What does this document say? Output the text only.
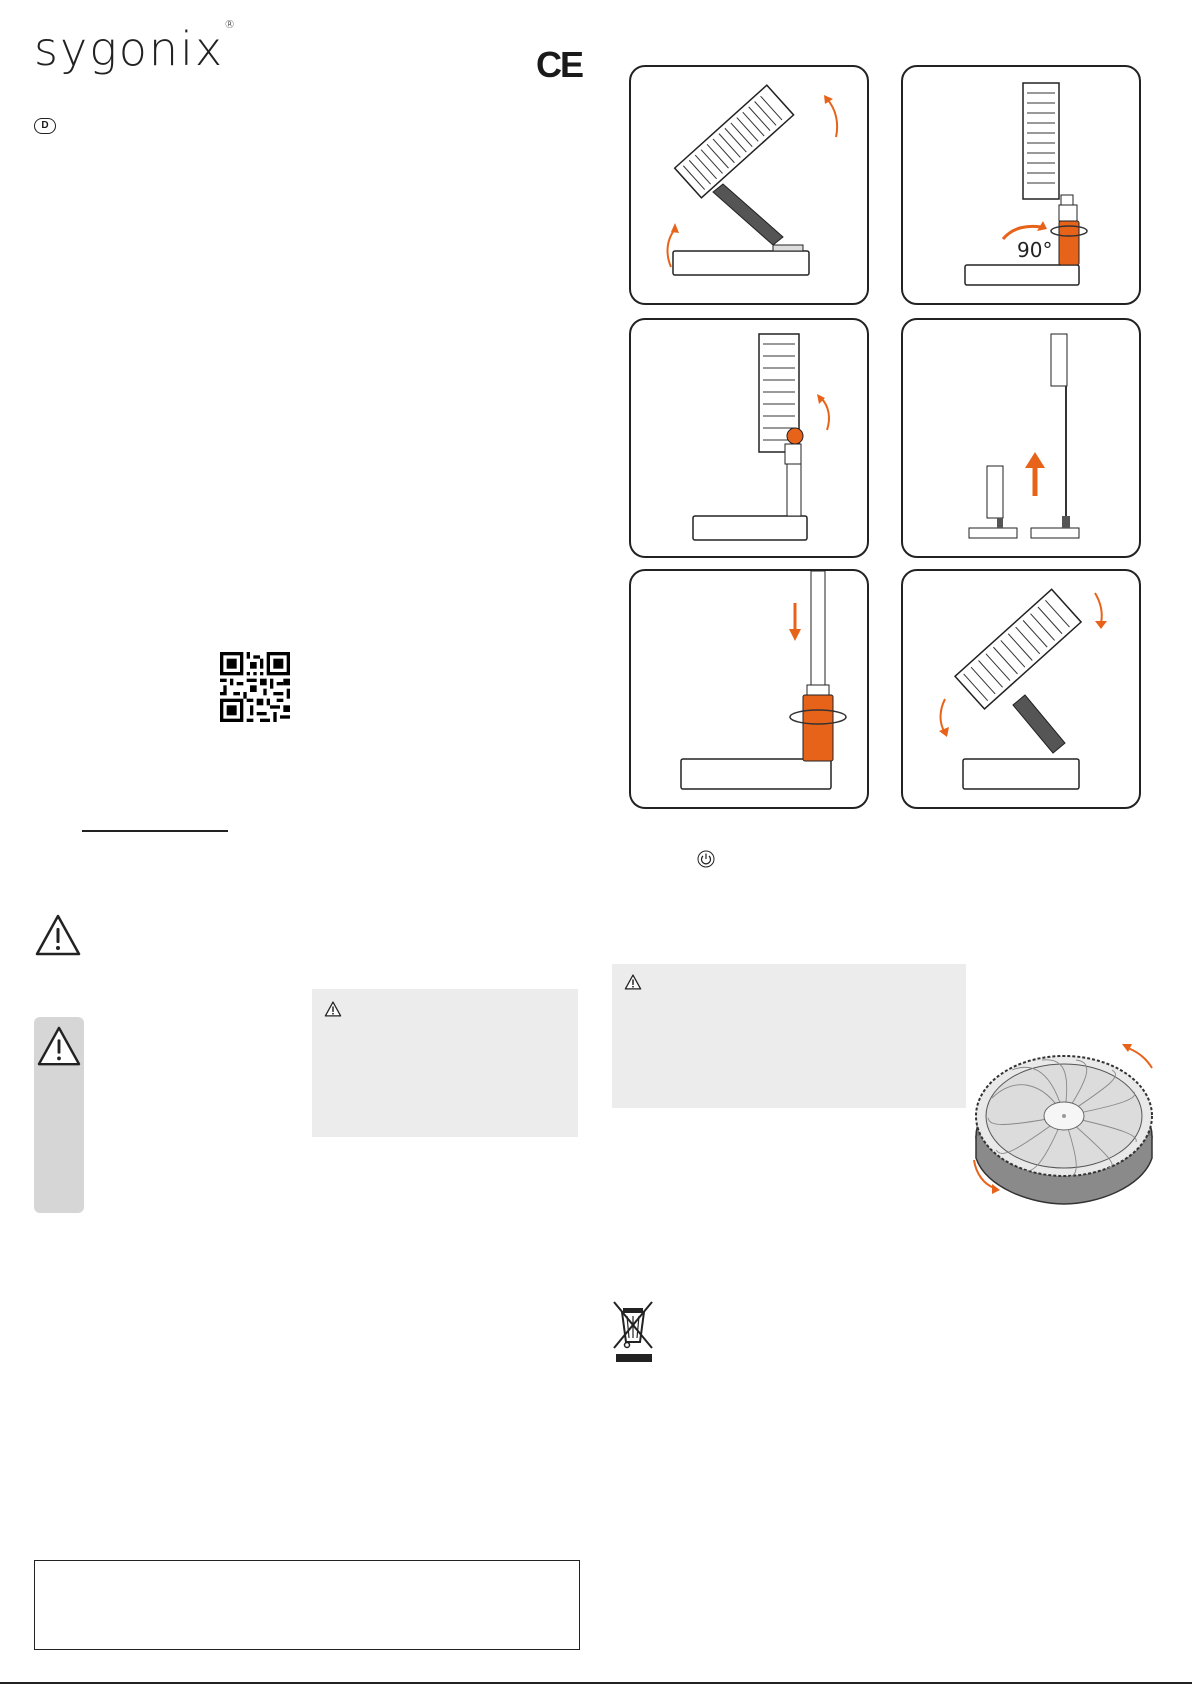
sygonix®
CE
D
90°
